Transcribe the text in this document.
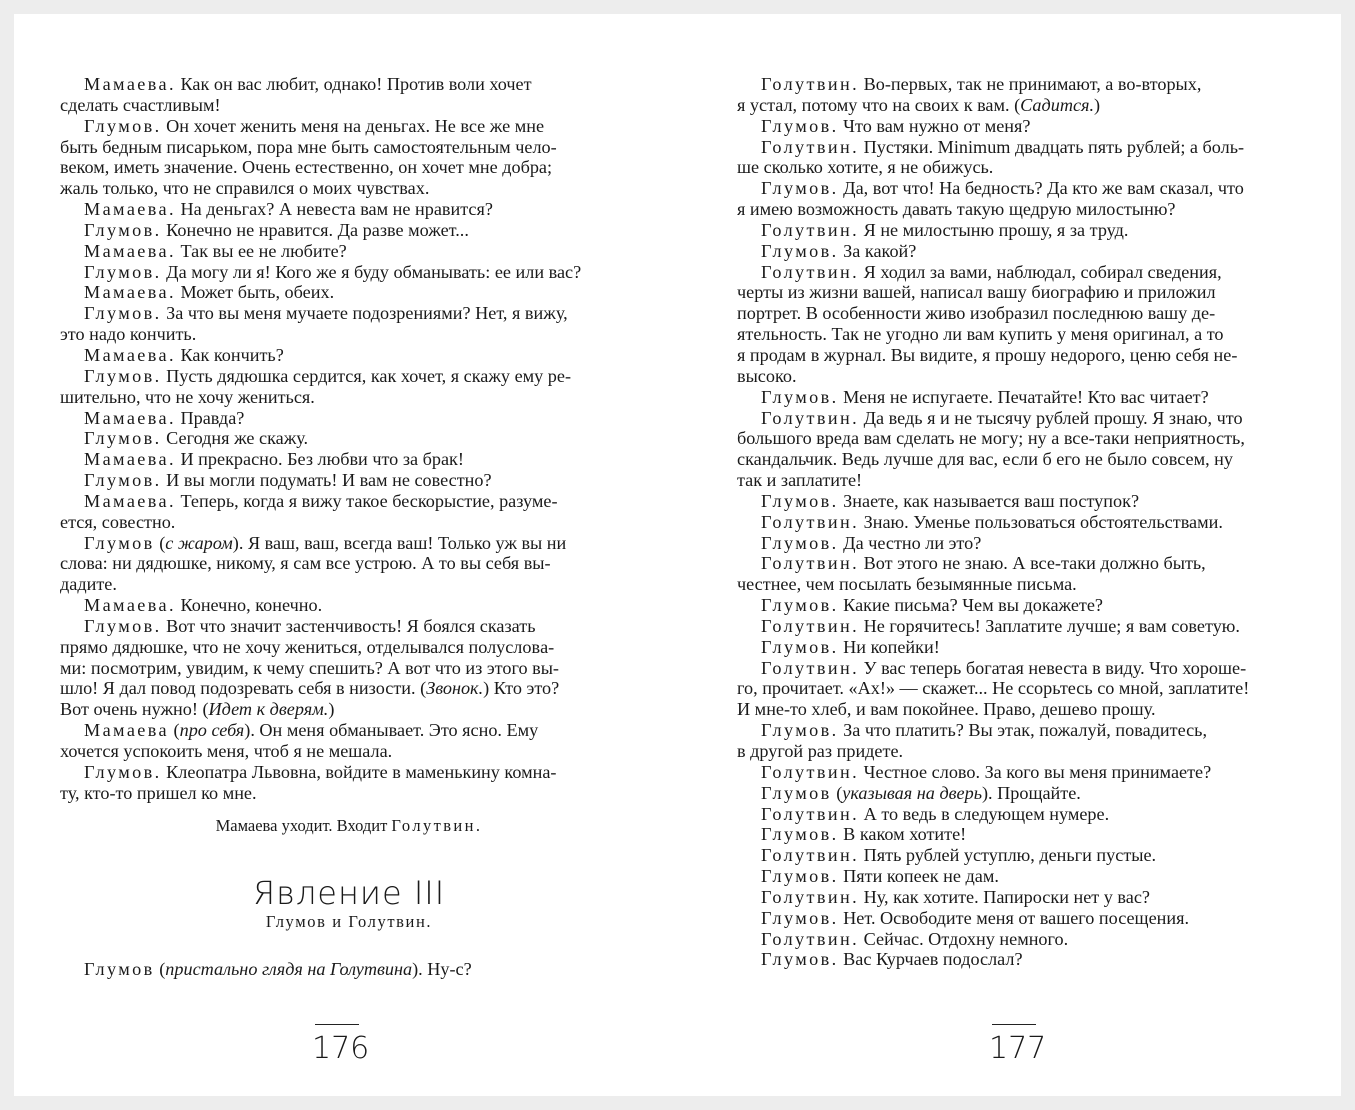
Мамаева. Как он вас любит, однако! Против воли хочет
сделать счастливым!
Глумов. Он хочет женить меня на деньгах. Не все же мне
быть бедным писарьком, пора мне быть самостоятельным чело-
веком, иметь значение. Очень естественно, он хочет мне добра;
жаль только, что не справился о моих чувствах.
Мамаева. На деньгах? А невеста вам не нравится?
Глумов. Конечно не нравится. Да разве может...
Мамаева. Так вы ее не любите?
Глумов. Да могу ли я! Кого же я буду обманывать: ее или вас?
Мамаева. Может быть, обеих.
Глумов. За что вы меня мучаете подозрениями? Нет, я вижу,
это надо кончить.
Мамаева. Как кончить?
Глумов. Пусть дядюшка сердится, как хочет, я скажу ему ре-
шительно, что не хочу жениться.
Мамаева. Правда?
Глумов. Сегодня же скажу.
Мамаева. И прекрасно. Без любви что за брак!
Глумов. И вы могли подумать! И вам не совестно?
Мамаева. Теперь, когда я вижу такое бескорыстие, разуме-
ется, совестно.
Глумов (с жаром). Я ваш, ваш, всегда ваш! Только уж вы ни
слова: ни дядюшке, никому, я сам все устрою. А то вы себя вы-
дадите.
Мамаева. Конечно, конечно.
Глумов. Вот что значит застенчивость! Я боялся сказать
прямо дядюшке, что не хочу жениться, отделывался полусловa-
ми: посмотрим, увидим, к чему спешить? А вот что из этого вы-
шло! Я дал повод подозревать себя в низости. (Звонок.) Кто это?
Вот очень нужно! (Идет к дверям.)
Мамаева (про себя). Он меня обманывает. Это ясно. Ему
хочется успокоить меня, чтоб я не мешала.
Глумов. Клеопатра Львовна, войдите в маменькину комна-
ту, кто-то пришел ко мне.
Мамаева уходит. Входит Голутвин.
Явление III
Глумов и Голутвин.
Глумов (пристально глядя на Голутвина). Ну-с?
176
Голутвин. Во-первых, так не принимают, а во-вторых,
я устал, потому что на своих к вам. (Садится.)
Глумов. Что вам нужно от меня?
Голутвин. Пустяки. Minimum двадцать пять рублей; а боль-
ше сколько хотите, я не обижусь.
Глумов. Да, вот что! На бедность? Да кто же вам сказал, что
я имею возможность давать такую щедрую милостыню?
Голутвин. Я не милостыню прошу, я за труд.
Глумов. За какой?
Голутвин. Я ходил за вами, наблюдал, собирал сведения,
черты из жизни вашей, написал вашу биографию и приложил
портрет. В особенности живо изобразил последнюю вашу де-
ятельность. Так не угодно ли вам купить у меня оригинал, а то
я продам в журнал. Вы видите, я прошу недорого, ценю себя не-
высоко.
Глумов. Меня не испугаете. Печатайте! Кто вас читает?
Голутвин. Да ведь я и не тысячу рублей прошу. Я знаю, что
большого вреда вам сделать не могу; ну а все-таки неприятность,
скандальчик. Ведь лучше для вас, если б его не было совсем, ну
так и заплатите!
Глумов. Знаете, как называется ваш поступок?
Голутвин. Знаю. Уменье пользоваться обстоятельствами.
Глумов. Да честно ли это?
Голутвин. Вот этого не знаю. А все-таки должно быть,
честнее, чем посылать безымянные письма.
Глумов. Какие письма? Чем вы докажете?
Голутвин. Не горячитесь! Заплатите лучше; я вам советую.
Глумов. Ни копейки!
Голутвин. У вас теперь богатая невеста в виду. Что хороше-
го, прочитает. «Ах!» — скажет... Не ссорьтесь со мной, заплатите!
И мне-то хлеб, и вам покойнее. Право, дешево прошу.
Глумов. За что платить? Вы этак, пожалуй, повадитесь,
в другой раз придете.
Голутвин. Честное слово. За кого вы меня принимаете?
Глумов (указывая на дверь). Прощайте.
Голутвин. А то ведь в следующем нумере.
Глумов. В каком хотите!
Голутвин. Пять рублей уступлю, деньги пустые.
Глумов. Пяти копеек не дам.
Голутвин. Ну, как хотите. Папироски нет у вас?
Глумов. Нет. Освободите меня от вашего посещения.
Голутвин. Сейчас. Отдохну немного.
Глумов. Вас Курчаев подослал?
177
